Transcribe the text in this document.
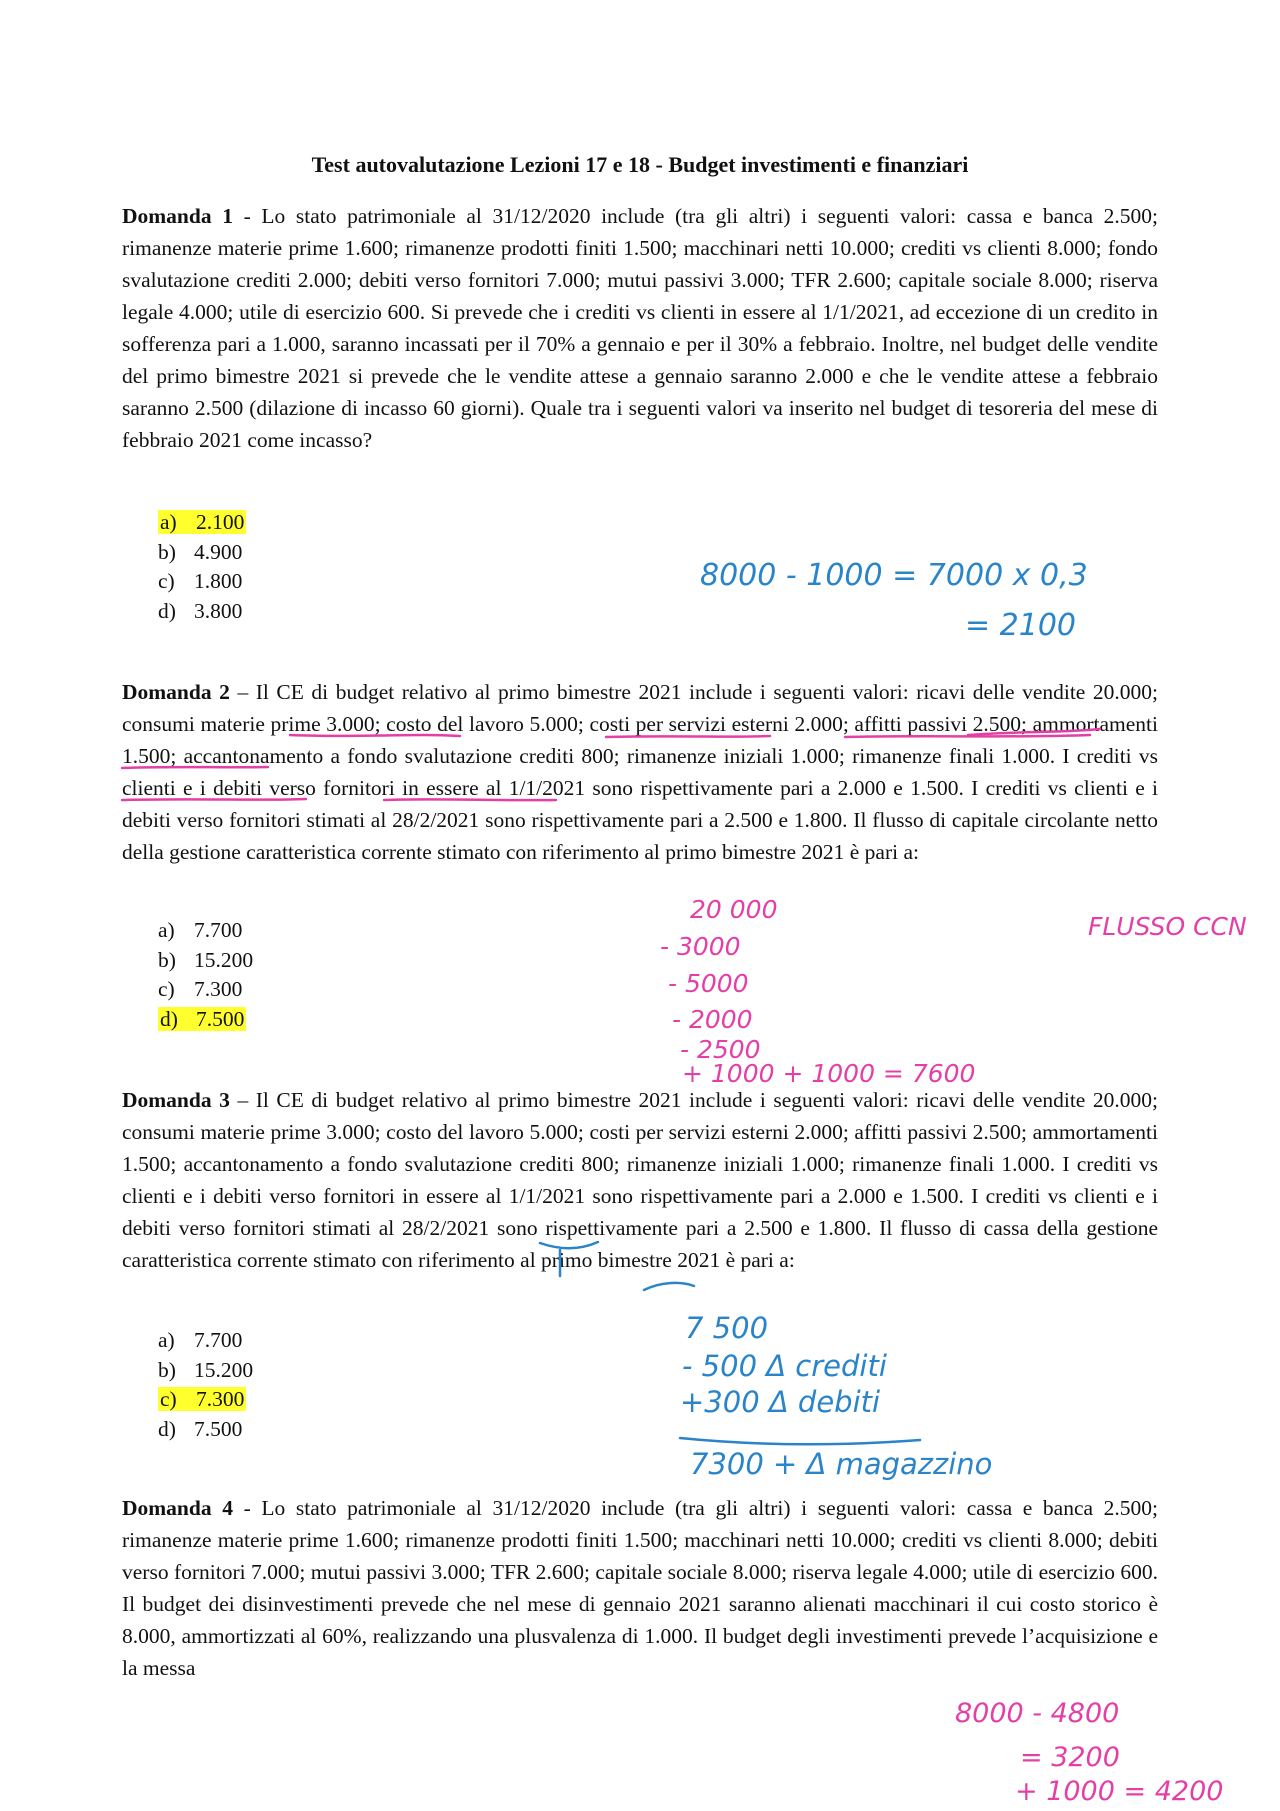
Test autovalutazione Lezioni 17 e 18 - Budget investimenti e finanziari

Domanda 1 - Lo stato patrimoniale al 31/12/2020 include (tra gli altri) i seguenti valori: cassa e banca 2.500; rimanenze materie prime 1.600; rimanenze prodotti finiti 1.500; macchinari netti 10.000; crediti vs clienti 8.000; fondo svalutazione crediti 2.000; debiti verso fornitori 7.000; mutui passivi 3.000; TFR 2.600; capitale sociale 8.000; riserva legale 4.000; utile di esercizio 600. Si prevede che i crediti vs clienti in essere al 1/1/2021, ad eccezione di un credito in sofferenza pari a 1.000, saranno incassati per il 70% a gennaio e per il 30% a febbraio. Inoltre, nel budget delle vendite del primo bimestre 2021 si prevede che le vendite attese a gennaio saranno 2.000 e che le vendite attese a febbraio saranno 2.500 (dilazione di incasso 60 giorni). Quale tra i seguenti valori va inserito nel budget di tesoreria del mese di febbraio 2021 come incasso?

a) 2.100
b) 4.900
c) 1.800
d) 3.800

Domanda 2 – Il CE di budget relativo al primo bimestre 2021 include i seguenti valori: ricavi delle vendite 20.000; consumi materie prime 3.000; costo del lavoro 5.000; costi per servizi esterni 2.000; affitti passivi 2.500; ammortamenti 1.500; accantonamento a fondo svalutazione crediti 800; rimanenze iniziali 1.000; rimanenze finali 1.000. I crediti vs clienti e i debiti verso fornitori in essere al 1/1/2021 sono rispettivamente pari a 2.000 e 1.500. I crediti vs clienti e i debiti verso fornitori stimati al 28/2/2021 sono rispettivamente pari a 2.500 e 1.800. Il flusso di capitale circolante netto della gestione caratteristica corrente stimato con riferimento al primo bimestre 2021 è pari a:

a) 7.700
b) 15.200
c) 7.300
d) 7.500

Domanda 3 – Il CE di budget relativo al primo bimestre 2021 include i seguenti valori: ricavi delle vendite 20.000; consumi materie prime 3.000; costo del lavoro 5.000; costi per servizi esterni 2.000; affitti passivi 2.500; ammortamenti 1.500; accantonamento a fondo svalutazione crediti 800; rimanenze iniziali 1.000; rimanenze finali 1.000. I crediti vs clienti e i debiti verso fornitori in essere al 1/1/2021 sono rispettivamente pari a 2.000 e 1.500. I crediti vs clienti e i debiti verso fornitori stimati al 28/2/2021 sono rispettivamente pari a 2.500 e 1.800. Il flusso di cassa della gestione caratteristica corrente stimato con riferimento al primo bimestre 2021 è pari a:

a) 7.700
b) 15.200
c) 7.300
d) 7.500

Domanda 4 - Lo stato patrimoniale al 31/12/2020 include (tra gli altri) i seguenti valori: cassa e banca 2.500; rimanenze materie prime 1.600; rimanenze prodotti finiti 1.500; macchinari netti 10.000; crediti vs clienti 8.000; debiti verso fornitori 7.000; mutui passivi 3.000; TFR 2.600; capitale sociale 8.000; riserva legale 4.000; utile di esercizio 600. Il budget dei disinvestimenti prevede che nel mese di gennaio 2021 saranno alienati macchinari il cui costo storico è 8.000, ammortizzati al 60%, realizzando una plusvalenza di 1.000. Il budget degli investimenti prevede l’acquisizione e la messa

8000 - 1000 = 7000 x 0,3
= 2100
FLUSSO CCN
20 000
- 3000
- 5000
- 2000
- 2500
+ 1000 + 1000 = 7600
7 500
- 500 Δ crediti
+300 Δ debiti
7300 + Δ magazzino
8000 - 4800
= 3200
+ 1000 = 4200
